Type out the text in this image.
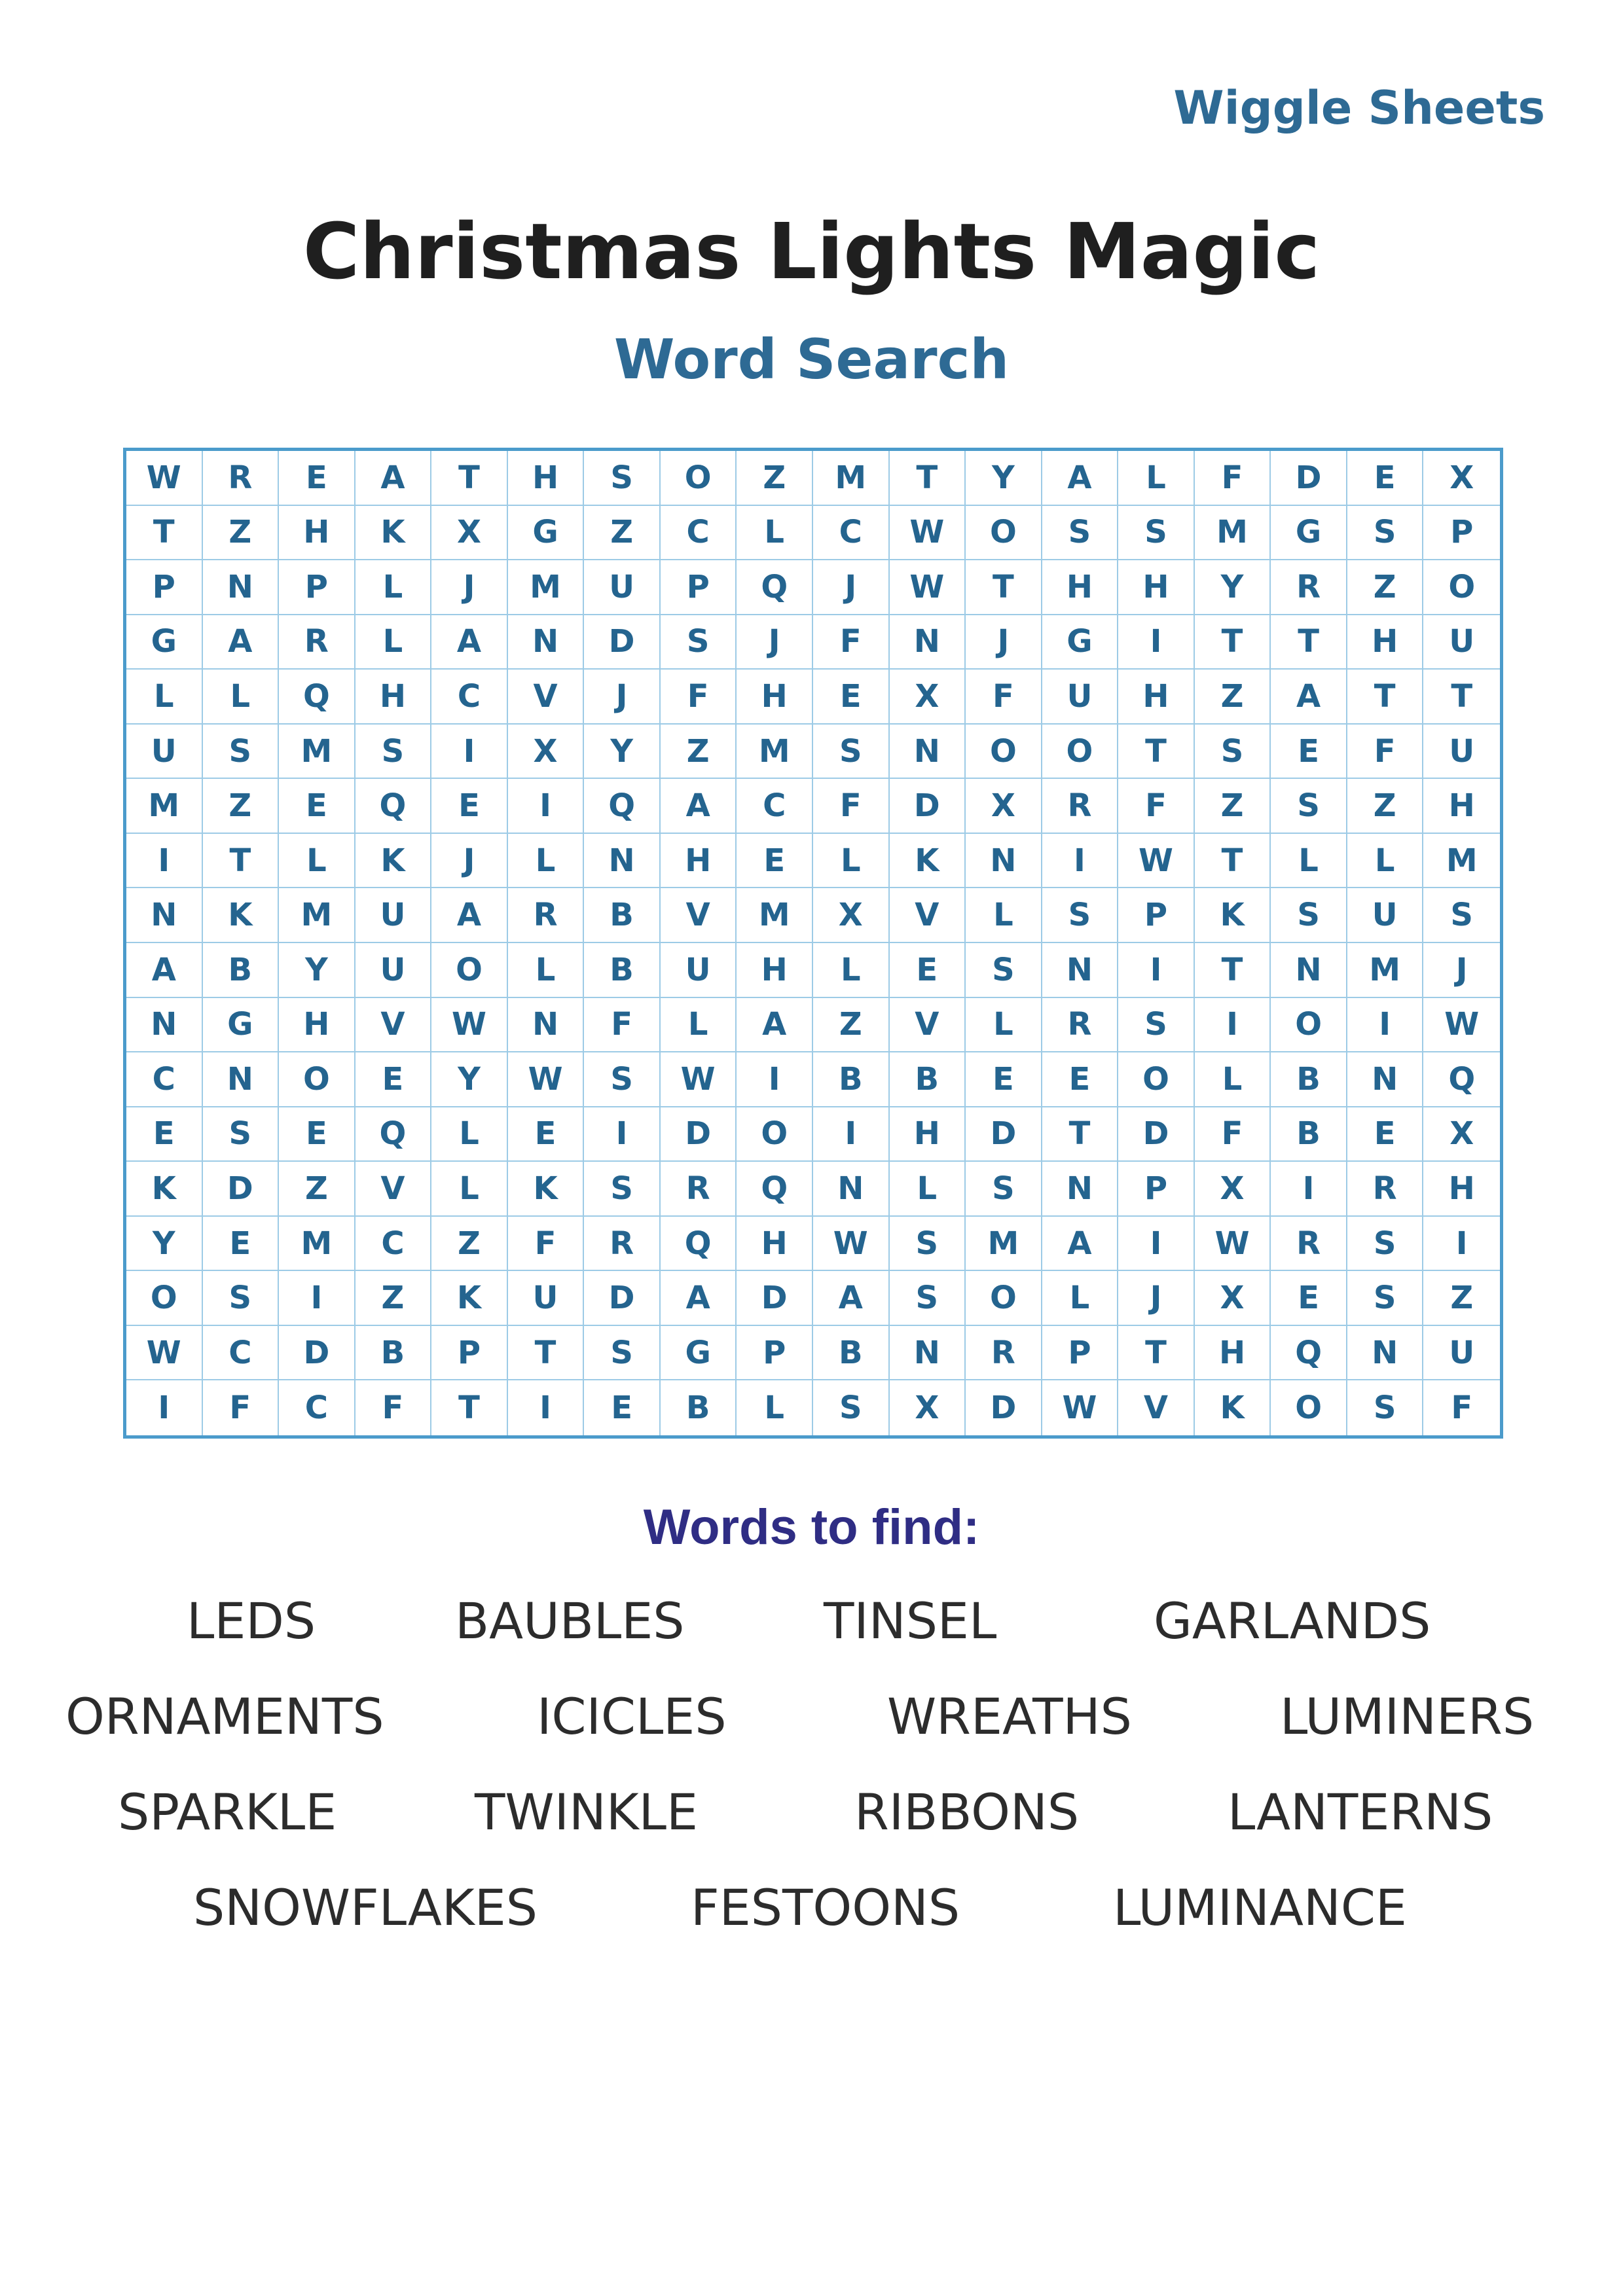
Wiggle Sheets
Christmas Lights Magic
Word Search
W	R	E	A	T	H	S	O	Z	M	T	Y	A	L	F	D	E	X
T	Z	H	K	X	G	Z	C	L	C	W	O	S	S	M	G	S	P
P	N	P	L	J	M	U	P	Q	J	W	T	H	H	Y	R	Z	O
G	A	R	L	A	N	D	S	J	F	N	J	G	I	T	T	H	U
L	L	Q	H	C	V	J	F	H	E	X	F	U	H	Z	A	T	T
U	S	M	S	I	X	Y	Z	M	S	N	O	O	T	S	E	F	U
M	Z	E	Q	E	I	Q	A	C	F	D	X	R	F	Z	S	Z	H
I	T	L	K	J	L	N	H	E	L	K	N	I	W	T	L	L	M
N	K	M	U	A	R	B	V	M	X	V	L	S	P	K	S	U	S
A	B	Y	U	O	L	B	U	H	L	E	S	N	I	T	N	M	J
N	G	H	V	W	N	F	L	A	Z	V	L	R	S	I	O	I	W
C	N	O	E	Y	W	S	W	I	B	B	E	E	O	L	B	N	Q
E	S	E	Q	L	E	I	D	O	I	H	D	T	D	F	B	E	X
K	D	Z	V	L	K	S	R	Q	N	L	S	N	P	X	I	R	H
Y	E	M	C	Z	F	R	Q	H	W	S	M	A	I	W	R	S	I
O	S	I	Z	K	U	D	A	D	A	S	O	L	J	X	E	S	Z
W	C	D	B	P	T	S	G	P	B	N	R	P	T	H	Q	N	U
I	F	C	F	T	I	E	B	L	S	X	D	W	V	K	O	S	F
Words to find:
LEDS	BAUBLES	TINSEL	GARLANDS
ORNAMENTS	ICICLES	WREATHS	LUMINERS
SPARKLE	TWINKLE	RIBBONS	LANTERNS
SNOWFLAKES	FESTOONS	LUMINANCE
